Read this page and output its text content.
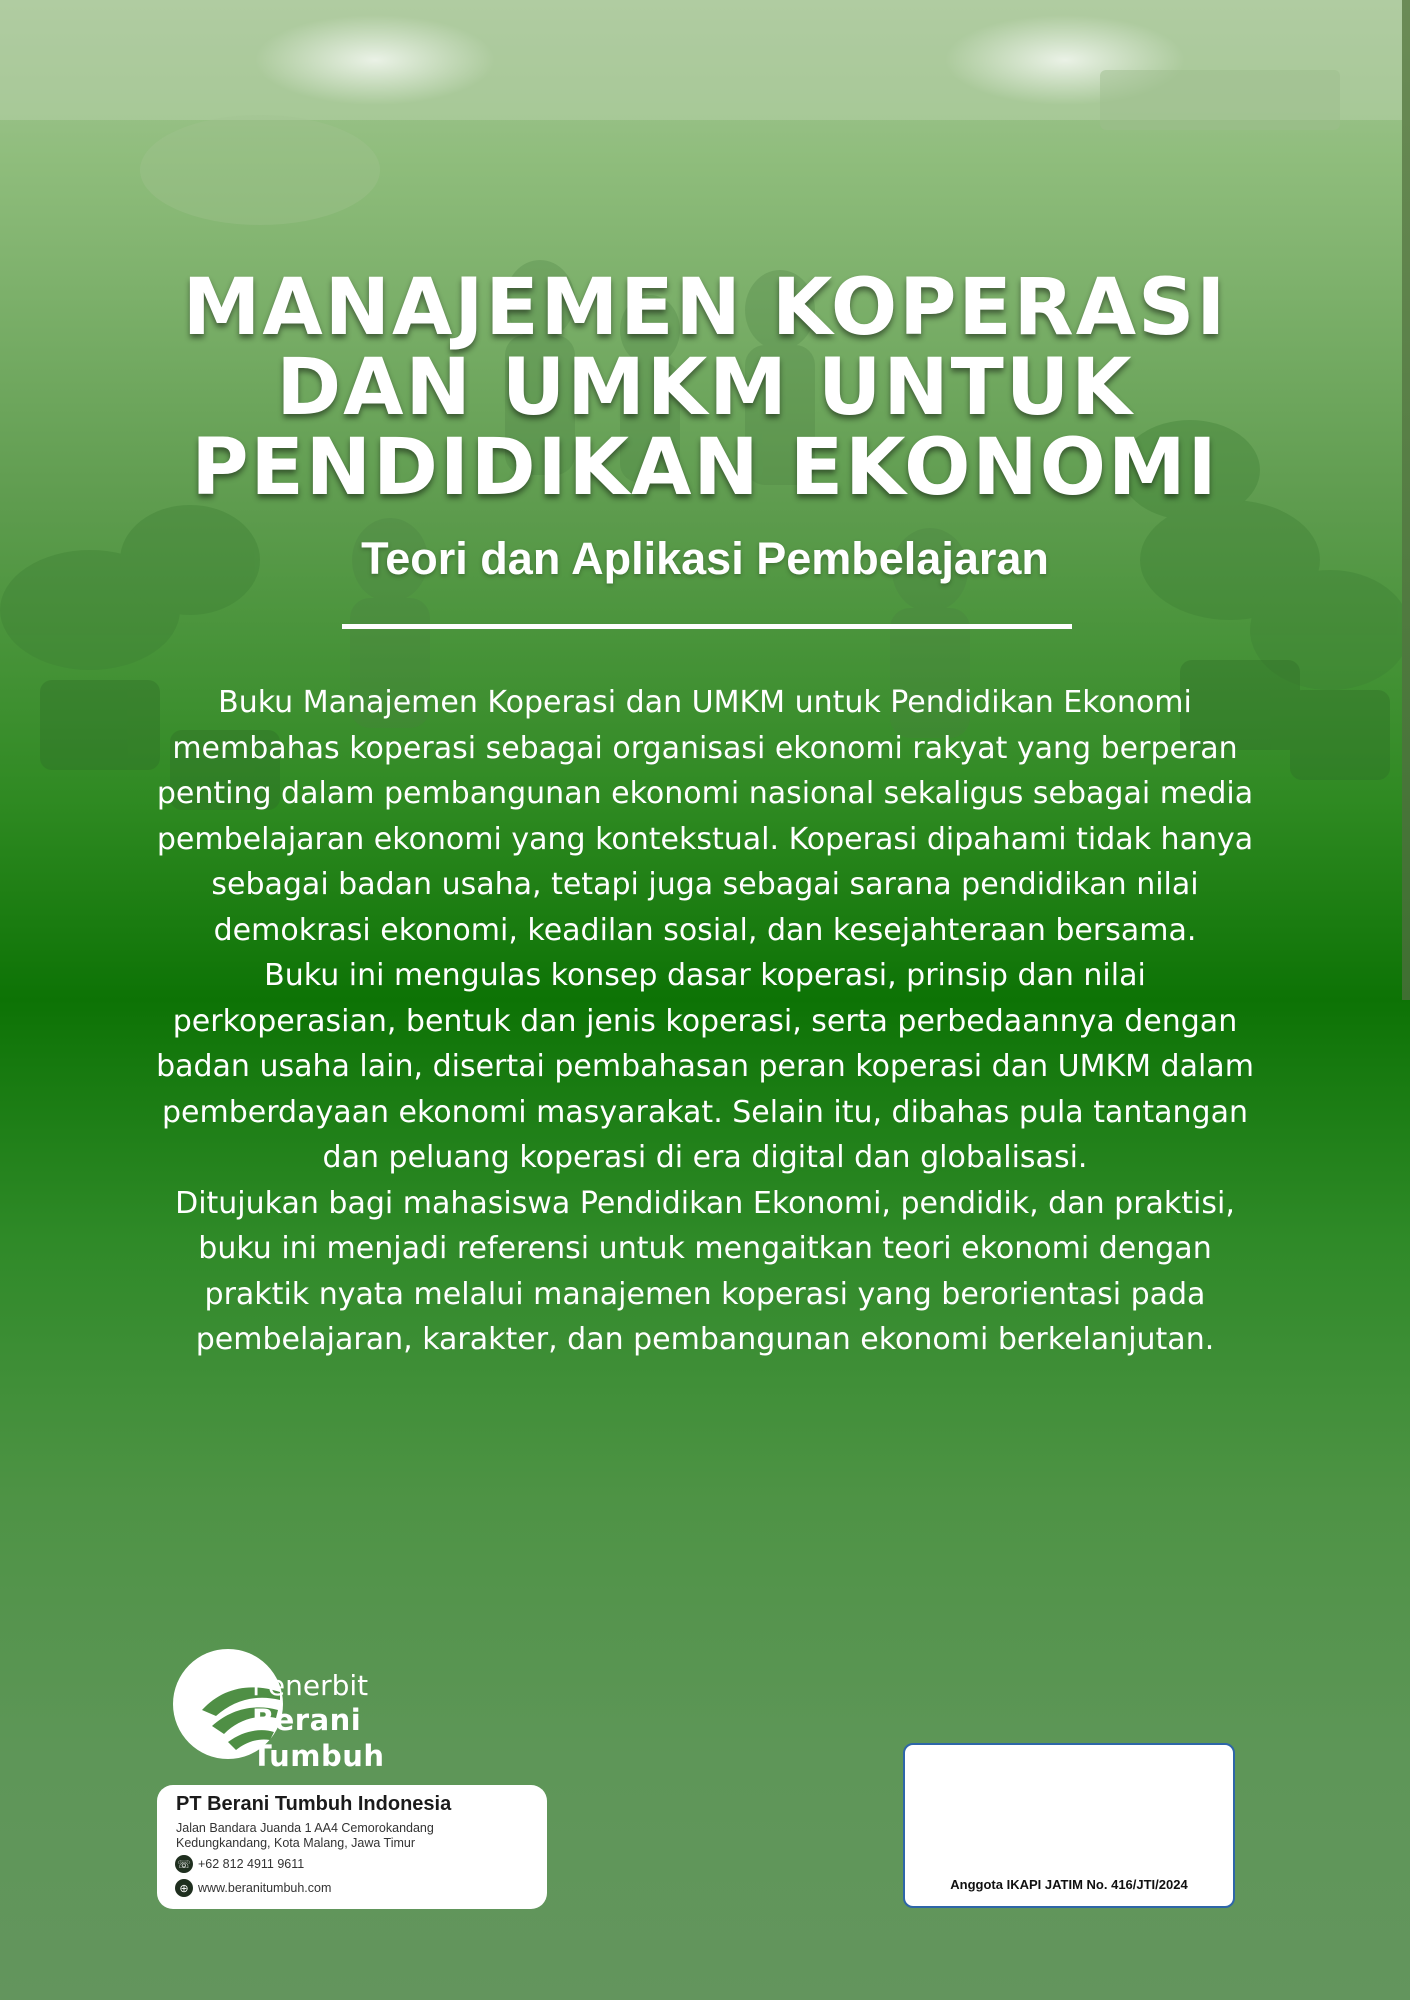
MANAJEMEN KOPERASI
DAN UMKM UNTUK
PENDIDIKAN EKONOMI
Teori dan Aplikasi Pembelajaran

Buku Manajemen Koperasi dan UMKM untuk Pendidikan Ekonomi membahas koperasi sebagai organisasi ekonomi rakyat yang berperan penting dalam pembangunan ekonomi nasional sekaligus sebagai media pembelajaran ekonomi yang kontekstual. Koperasi dipahami tidak hanya sebagai badan usaha, tetapi juga sebagai sarana pendidikan nilai demokrasi ekonomi, keadilan sosial, dan kesejahteraan bersama.

Buku ini mengulas konsep dasar koperasi, prinsip dan nilai perkoperasian, bentuk dan jenis koperasi, serta perbedaannya dengan badan usaha lain, disertai pembahasan peran koperasi dan UMKM dalam pemberdayaan ekonomi masyarakat. Selain itu, dibahas pula tantangan dan peluang koperasi di era digital dan globalisasi.

Ditujukan bagi mahasiswa Pendidikan Ekonomi, pendidik, dan praktisi, buku ini menjadi referensi untuk mengaitkan teori ekonomi dengan praktik nyata melalui manajemen koperasi yang berorientasi pada pembelajaran, karakter, dan pembangunan ekonomi berkelanjutan.

Penerbit
Berani Tumbuh
PT Berani Tumbuh Indonesia
Jalan Bandara Juanda 1 AA4 Cemorokandang
Kedungkandang, Kota Malang, Jawa Timur
☏ +62 812 4911 9611
⊕ www.beranitumbuh.com	Anggota IKAPI JATIM No. 416/JTI/2024
